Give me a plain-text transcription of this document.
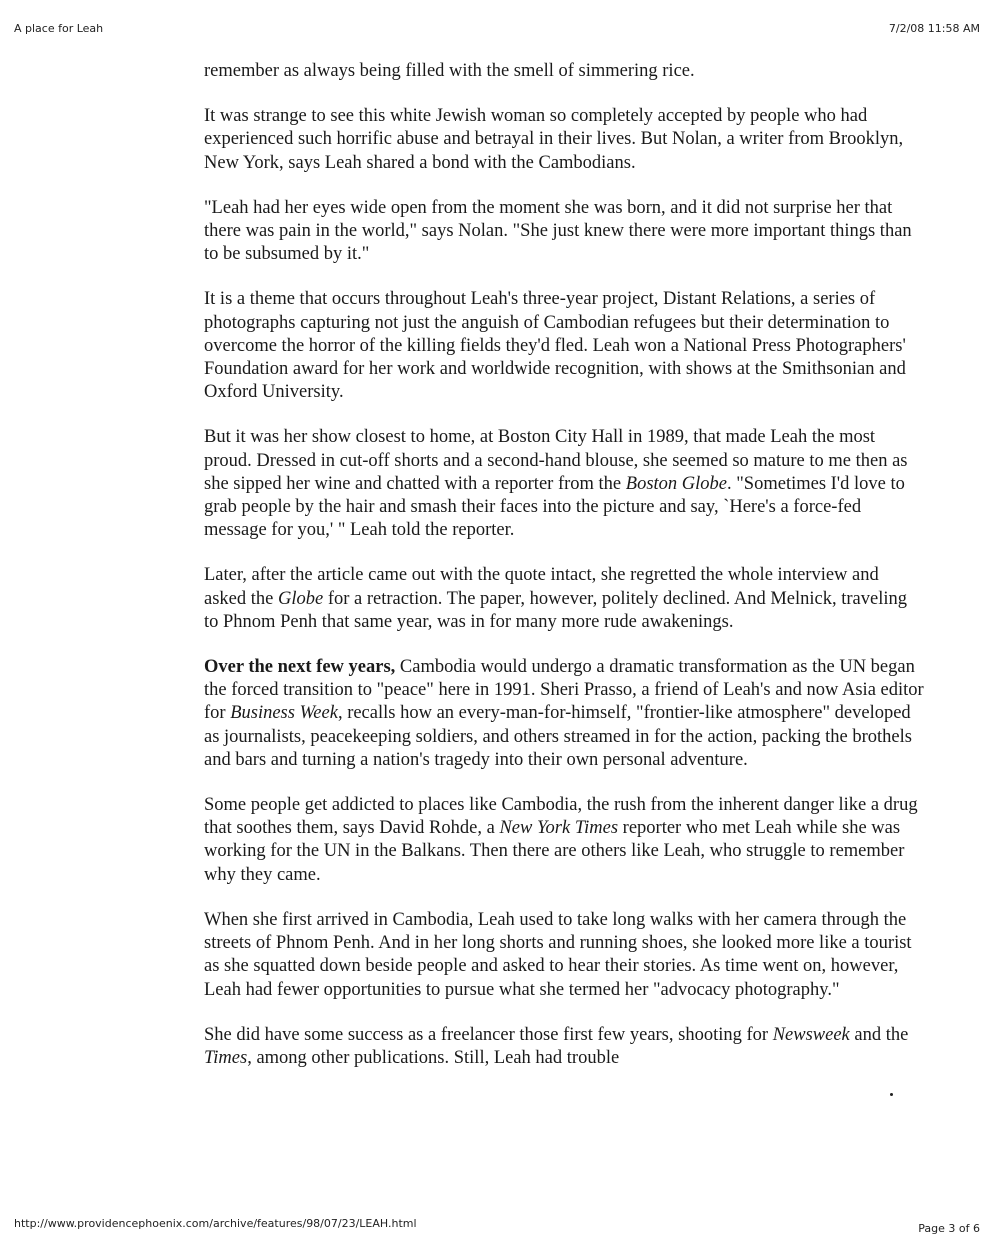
A place for Leah	7/2/08 11:58 AM

remember as always being filled with the smell of simmering rice.

It was strange to see this white Jewish woman so completely accepted by people who had experienced such horrific abuse and betrayal in their lives. But Nolan, a writer from Brooklyn, New York, says Leah shared a bond with the Cambodians.

"Leah had her eyes wide open from the moment she was born, and it did not surprise her that there was pain in the world," says Nolan. "She just knew there were more important things than to be subsumed by it."

It is a theme that occurs throughout Leah's three-year project, Distant Relations, a series of photographs capturing not just the anguish of Cambodian refugees but their determination to overcome the horror of the killing fields they'd fled. Leah won a National Press Photographers' Foundation award for her work and worldwide recognition, with shows at the Smithsonian and Oxford University.

But it was her show closest to home, at Boston City Hall in 1989, that made Leah the most proud. Dressed in cut-off shorts and a second-hand blouse, she seemed so mature to me then as she sipped her wine and chatted with a reporter from the Boston Globe. "Sometimes I'd love to grab people by the hair and smash their faces into the picture and say, `Here's a force-fed message for you,' " Leah told the reporter.

Later, after the article came out with the quote intact, she regretted the whole interview and asked the Globe for a retraction. The paper, however, politely declined. And Melnick, traveling to Phnom Penh that same year, was in for many more rude awakenings.

Over the next few years, Cambodia would undergo a dramatic transformation as the UN began the forced transition to "peace" here in 1991. Sheri Prasso, a friend of Leah's and now Asia editor for Business Week, recalls how an every-man-for-himself, "frontier-like atmosphere" developed as journalists, peacekeeping soldiers, and others streamed in for the action, packing the brothels and bars and turning a nation's tragedy into their own personal adventure.

Some people get addicted to places like Cambodia, the rush from the inherent danger like a drug that soothes them, says David Rohde, a New York Times reporter who met Leah while she was working for the UN in the Balkans. Then there are others like Leah, who struggle to remember why they came.

When she first arrived in Cambodia, Leah used to take long walks with her camera through the streets of Phnom Penh. And in her long shorts and running shoes, she looked more like a tourist as she squatted down beside people and asked to hear their stories. As time went on, however, Leah had fewer opportunities to pursue what she termed her "advocacy photography."

She did have some success as a freelancer those first few years, shooting for Newsweek and the Times, among other publications. Still, Leah had trouble

http://www.providencephoenix.com/archive/features/98/07/23/LEAH.html	Page 3 of 6
